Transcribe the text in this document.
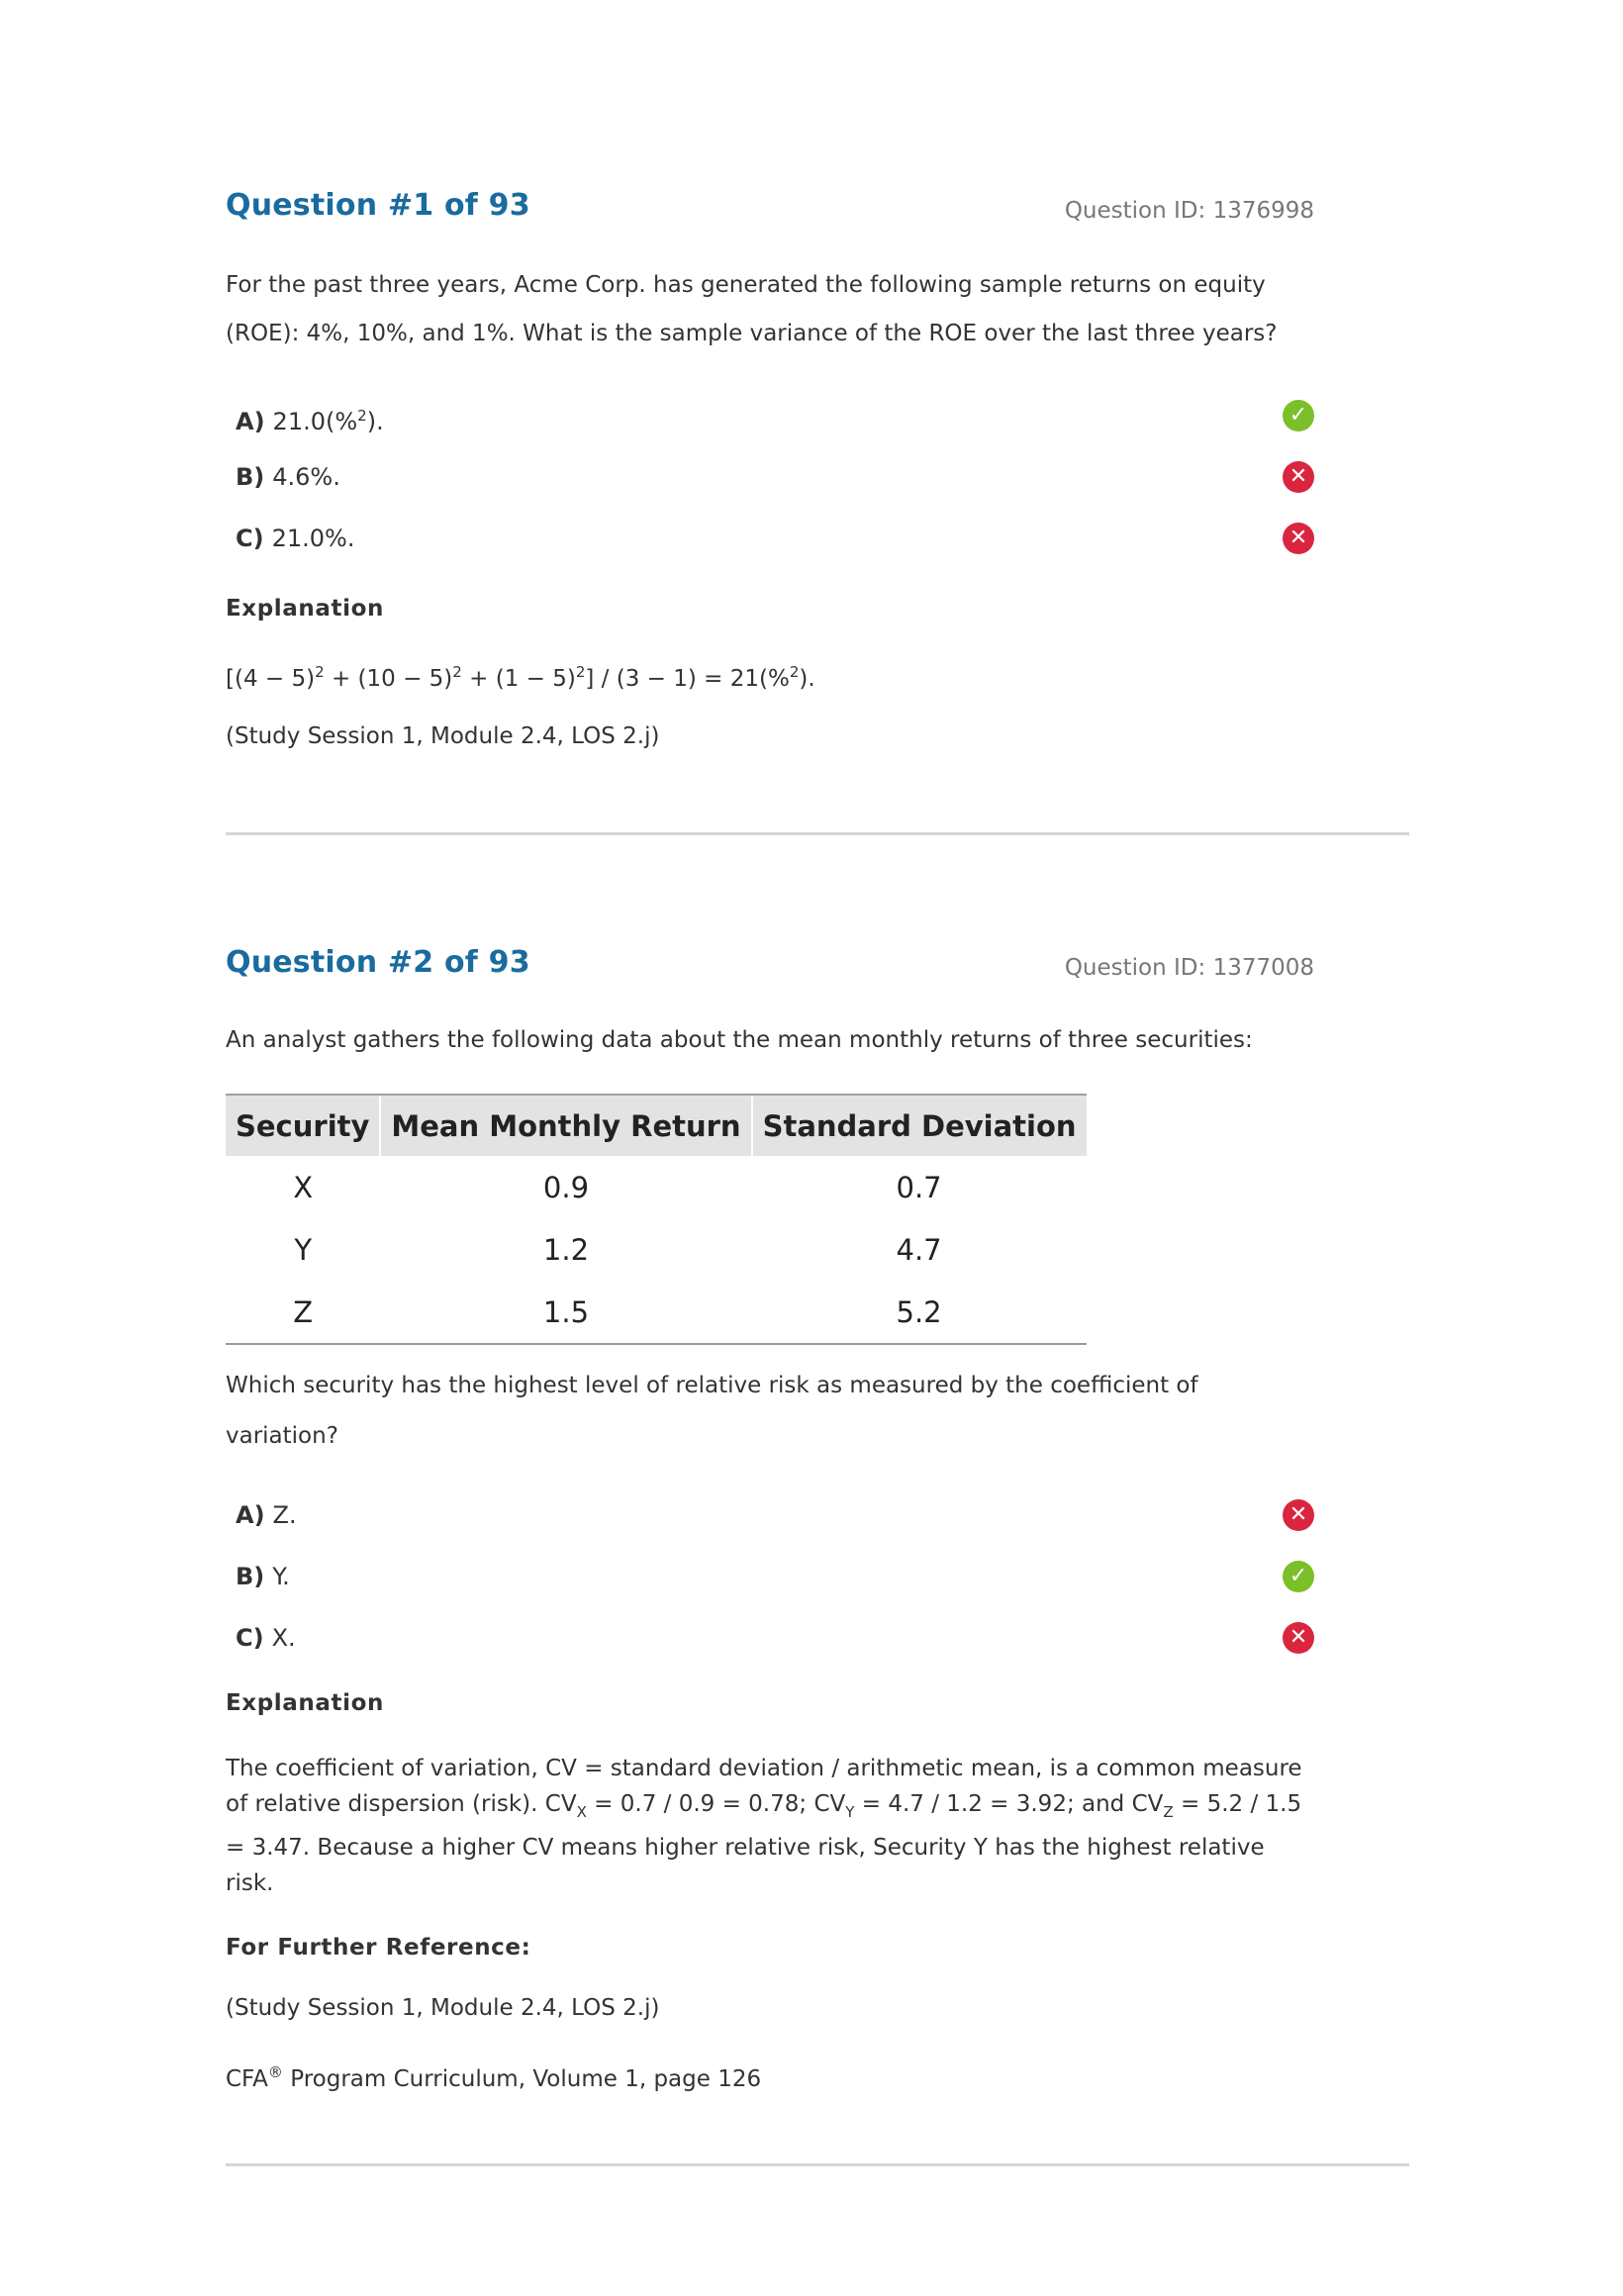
Question #1 of 93	Question ID: 1376998
For the past three years, Acme Corp. has generated the following sample returns on equity (ROE): 4%, 10%, and 1%. What is the sample variance of the ROE over the last three years?
A) 21.0(%$^2$).	✓
B) 4.6%.	✕
C) 21.0%.	✕
Explanation
$[(4 - 5)^2 + (10 - 5)^2 + (1 - 5)^2] / (3 - 1) = 21(\%^2)$.
(Study Session 1, Module 2.4, LOS 2.j)
Question #2 of 93	Question ID: 1377008
An analyst gathers the following data about the mean monthly returns of three securities:
Security	Mean Monthly Return	Standard Deviation
X	0.9	0.7
Y	1.2	4.7
Z	1.5	5.2
Which security has the highest level of relative risk as measured by the coefficient of variation?
A) Z.	✕
B) Y.	✓
C) X.	✕
Explanation
The coefficient of variation, CV = standard deviation / arithmetic mean, is a common measure of relative dispersion (risk). $CV_X = 0.7 / 0.9 = 0.78$; $CV_Y = 4.7 / 1.2 = 3.92$; and $CV_Z = 5.2 / 1.5 = 3.47$. Because a higher CV means higher relative risk, Security Y has the highest relative risk.
For Further Reference:
(Study Session 1, Module 2.4, LOS 2.j)
CFA® Program Curriculum, Volume 1, page 126
